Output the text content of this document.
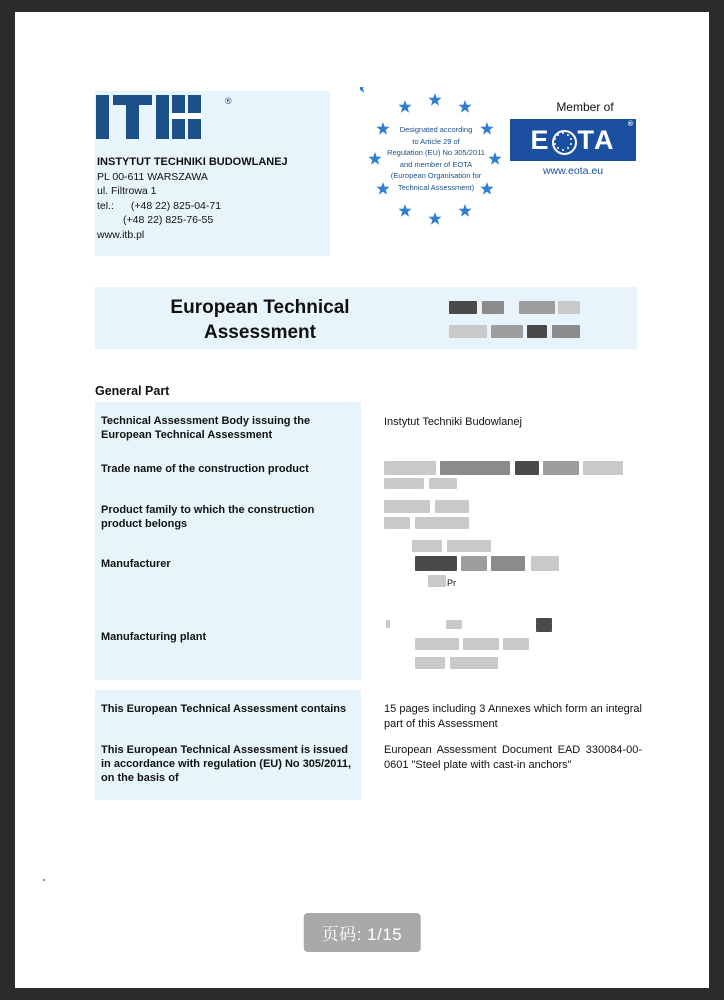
®
INSTYTUT TECHNIKI BUDOWLANEJ
PL 00-611 WARSZAWA
ul. Filtrowa 1
tel.: (+48 22) 825-04-71
(+48 22) 825-76-55
www.itb.pl
Designated according
to Article 29 of
Regulation (EU) No 305/2011
and member of EOTA
(European Organisation for
Technical Assessment)
Member of
E TA ®
www.eota.eu
European Technical Assessment
General Part
Technical Assessment Body issuing the European Technical Assessment
Instytut Techniki Budowlanej
Trade name of the construction product
Product family to which the construction product belongs
Manufacturer
Pr
Manufacturing plant
This European Technical Assessment contains	15 pages including 3 Annexes which form an integral part of this Assessment
This European Technical Assessment is issued in accordance with regulation (EU) No 305/2011, on the basis of
European Assessment Document EAD 330084-00-0601 "Steel plate with cast-in anchors"
页码: 1/15
